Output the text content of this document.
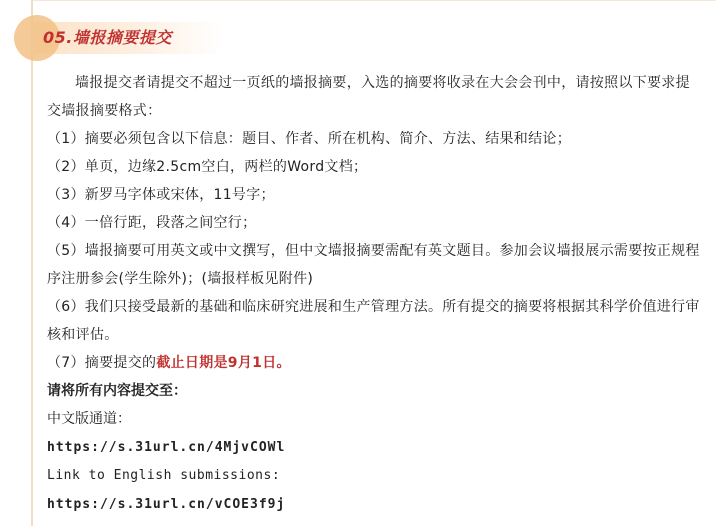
05.墙报摘要提交

墙报提交者请提交不超过一页纸的墙报摘要，入选的摘要将收录在大会会刊中，请按照以下要求提交墙报摘要格式：

（1）摘要必须包含以下信息：题目、作者、所在机构、简介、方法、结果和结论；

（2）单页，边缘2.5cm空白，两栏的Word文档；

（3）新罗马字体或宋体，11号字；

（4）一倍行距，段落之间空行；

（5）墙报摘要可用英文或中文撰写，但中文墙报摘要需配有英文题目。参加会议墙报展示需要按正规程序注册参会(学生除外)；(墙报样板见附件)

（6）我们只接受最新的基础和临床研究进展和生产管理方法。所有提交的摘要将根据其科学价值进行审核和评估。

（7）摘要提交的截止日期是9月1日。

请将所有内容提交至：

中文版通道：

https://s.31url.cn/4MjvCOWl

Link to English submissions:

https://s.31url.cn/vCOE3f9j
